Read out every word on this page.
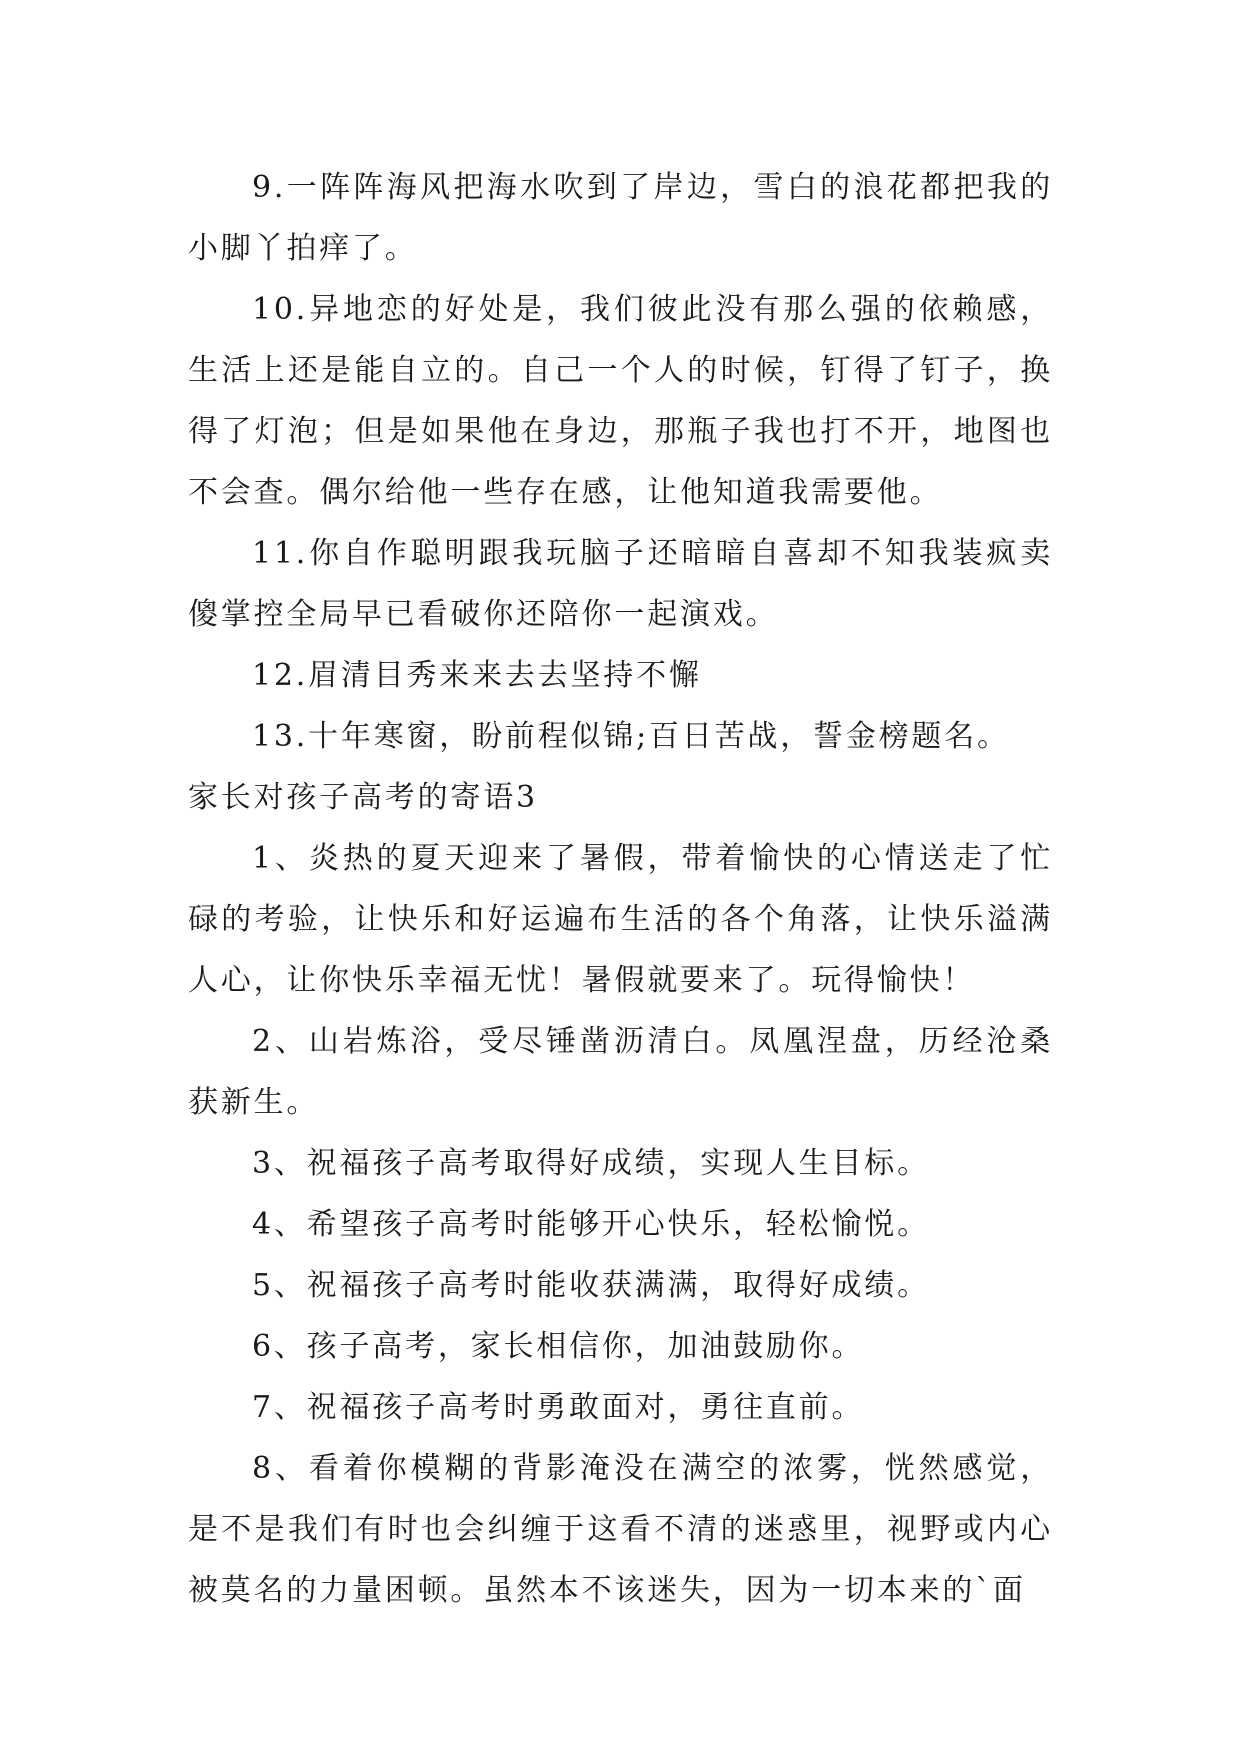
9.一阵阵海风把海水吹到了岸边，雪白的浪花都把我的小脚丫拍痒了。

10.异地恋的好处是，我们彼此没有那么强的依赖感，生活上还是能自立的。自己一个人的时候，钉得了钉子，换得了灯泡；但是如果他在身边，那瓶子我也打不开，地图也不会查。偶尔给他一些存在感，让他知道我需要他。

11.你自作聪明跟我玩脑子还暗暗自喜却不知我装疯卖傻掌控全局早已看破你还陪你一起演戏。

12.眉清目秀来来去去坚持不懈

13.十年寒窗，盼前程似锦;百日苦战，誓金榜题名。

家长对孩子高考的寄语3

1、炎热的夏天迎来了暑假，带着愉快的心情送走了忙碌的考验，让快乐和好运遍布生活的各个角落，让快乐溢满人心，让你快乐幸福无忧！暑假就要来了。玩得愉快！

2、山岩炼浴，受尽锤凿沥清白。凤凰涅盘，历经沧桑获新生。

3、祝福孩子高考取得好成绩，实现人生目标。

4、希望孩子高考时能够开心快乐，轻松愉悦。

5、祝福孩子高考时能收获满满，取得好成绩。

6、孩子高考，家长相信你，加油鼓励你。

7、祝福孩子高考时勇敢面对，勇往直前。

8、看着你模糊的背影淹没在满空的浓雾，恍然感觉，是不是我们有时也会纠缠于这看不清的迷惑里，视野或内心被莫名的力量困顿。虽然本不该迷失，因为一切本来的`面
